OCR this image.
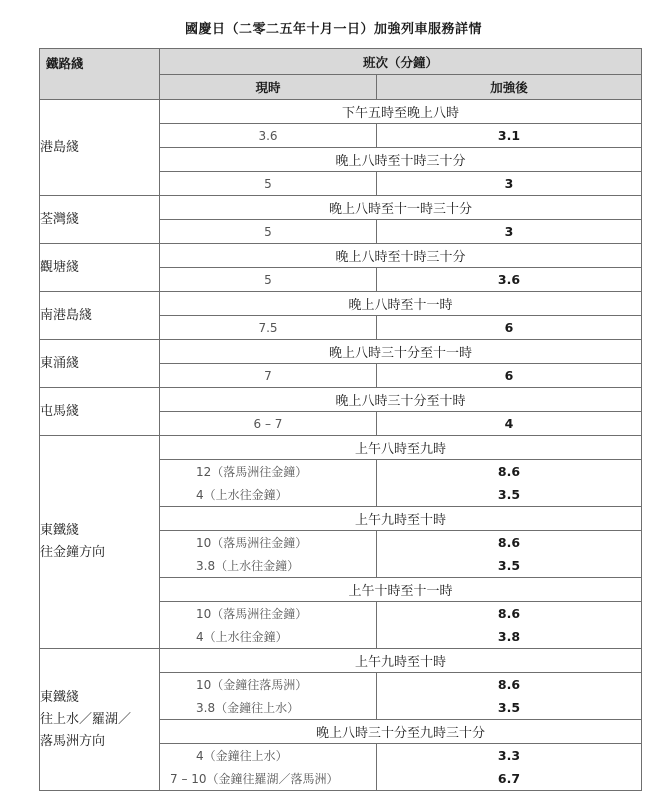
國慶日（二零二五年十月一日）加強列車服務詳情
鐵路綫	班次（分鐘）	
	現時	加強後
港島綫	下午五時至晚上八時	
	3.6	3.1
	晚上八時至十時三十分	
	5	3
荃灣綫	晚上八時至十一時三十分	
	5	3
觀塘綫	晚上八時至十時三十分	
	5	3.6
南港島綫	晚上八時至十一時	
	7.5	6
東涌綫	晚上八時三十分至十一時	
	7	6
屯馬綫	晚上八時三十分至十時	
	6 – 7	4

東鐵綫
往金鐘方向	上午八時至九時	
	12（落馬洲往金鐘）	8.6
	4（上水往金鐘）	3.5
	上午九時至十時	
	10（落馬洲往金鐘）	8.6
	3.8（上水往金鐘）	3.5
	上午十時至十一時	
	10（落馬洲往金鐘）	8.6
	4（上水往金鐘）	3.8

東鐵綫
往上水／羅湖／
落馬洲方向	上午九時至十時	
	10（金鐘往落馬洲）	8.6
	3.8（金鐘往上水）	3.5
	晚上八時三十分至九時三十分	
	4（金鐘往上水）	3.3
	7 – 10（金鐘往羅湖／落馬洲）	6.7
